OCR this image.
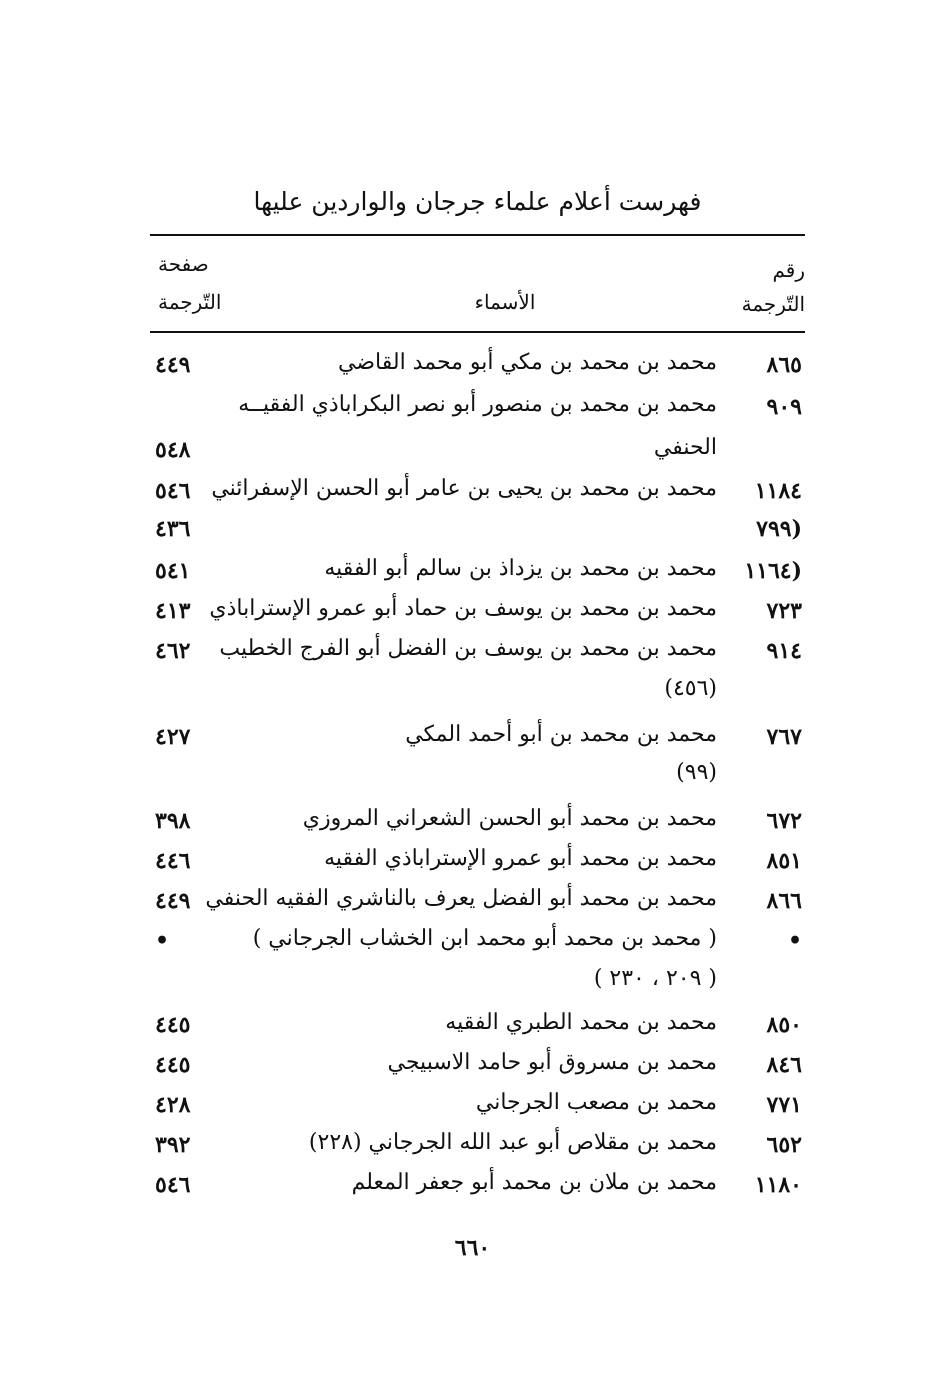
فهرست أعلام علماء جرجان والواردين عليها
رقم
التّرجمة
الأسماء
صفحة
التّرجمة
٨٦٥
محمد بن محمد بن مكي أبو محمد القاضي
٤٤٩
٩٠٩
محمد بن محمد بن منصور أبو نصر البكراباذي الفقيــه
الحنفي
٥٤٨
١١٨٤
محمد بن محمد بن يحيى بن عامر أبو الحسن الإسفرائني
٥٤٦
(٧٩٩
٤٣٦
(١١٦٤
محمد بن محمد بن يزداذ بن سالم أبو الفقيه
٥٤١
٧٢٣
محمد بن محمد بن يوسف بن حماد أبو عمرو الإستراباذي
٤١٣
٩١٤
محمد بن محمد بن يوسف بن الفضل أبو الفرج الخطيب
٤٦٢
(٤٥٦)
٧٦٧
محمد بن محمد بن أبو أحمد المكي
٤٢٧
(٩٩)
٦٧٢
محمد بن محمد أبو الحسن الشعراني المروزي
٣٩٨
٨٥١
محمد بن محمد أبو عمرو الإستراباذي الفقيه
٤٤٦
٨٦٦
محمد بن محمد أبو الفضل يعرف بالناشري الفقيه الحنفي
٤٤٩
•
( محمد بن محمد أبو محمد ابن الخشاب الجرجاني )
•
( ٢٠٩ ، ٢٣٠ )
٨٥٠
محمد بن محمد الطبري الفقيه
٤٤٥
٨٤٦
محمد بن مسروق أبو حامد الاسبيجي
٤٤٥
٧٧١
محمد بن مصعب الجرجاني
٤٢٨
٦٥٢
محمد بن مقلاص أبو عبد الله الجرجاني (٢٢٨)
٣٩٢
١١٨٠
محمد بن ملان بن محمد أبو جعفر المعلم
٥٤٦
٦٦٠
